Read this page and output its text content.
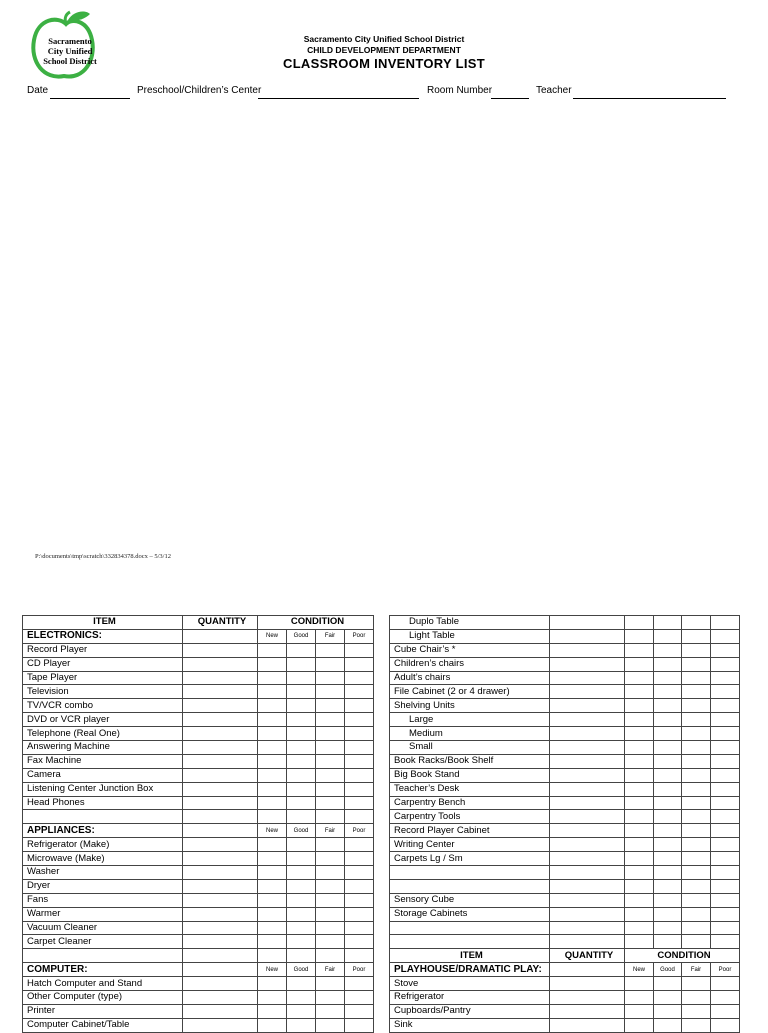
Sacramento City Unified School District
Sacramento City Unified School District
CHILD DEVELOPMENT DEPARTMENT
CLASSROOM INVENTORY LIST
Date	Preschool/Children’s Center	Room Number	Teacher
P:\documents\tmp\scratch\332834378.docx – 5/3/12
ITEM	QUANTITY	CONDITION			
ELECTRONICS:		New	Good	Fair	Poor
Record Player					
CD Player					
Tape Player					
Television					
TV/VCR combo					
DVD or VCR player					
Telephone (Real One)					
Answering Machine					
Fax Machine					
Camera					
Listening Center Junction Box					
Head Phones					

APPLIANCES:		New	Good	Fair	Poor
Refrigerator (Make)					
Microwave (Make)					
Washer					
Dryer					
Fans					
Warmer					
Vacuum Cleaner					
Carpet Cleaner					

COMPUTER:		New	Good	Fair	Poor
Hatch Computer and Stand					
Other Computer (type)					
Printer					
Computer Cabinet/Table					
Duplo Table					
Light Table					
Cube Chair’s *					
Children’s chairs					
Adult’s chairs					
File Cabinet (2 or 4 drawer)					
Shelving Units					
Large					
Medium					
Small					
Book Racks/Book Shelf					
Big Book Stand					
Teacher’s Desk					
Carpentry Bench					
Carpentry Tools					
Record Player Cabinet					
Writing Center					
Carpets Lg / Sm					

Sensory Cube					
Storage Cabinets					

ITEM	QUANTITY	CONDITION			
PLAYHOUSE/DRAMATIC PLAY:		New	Good	Fair	Poor
Stove					
Refrigerator					
Cupboards/Pantry					
Sink					
